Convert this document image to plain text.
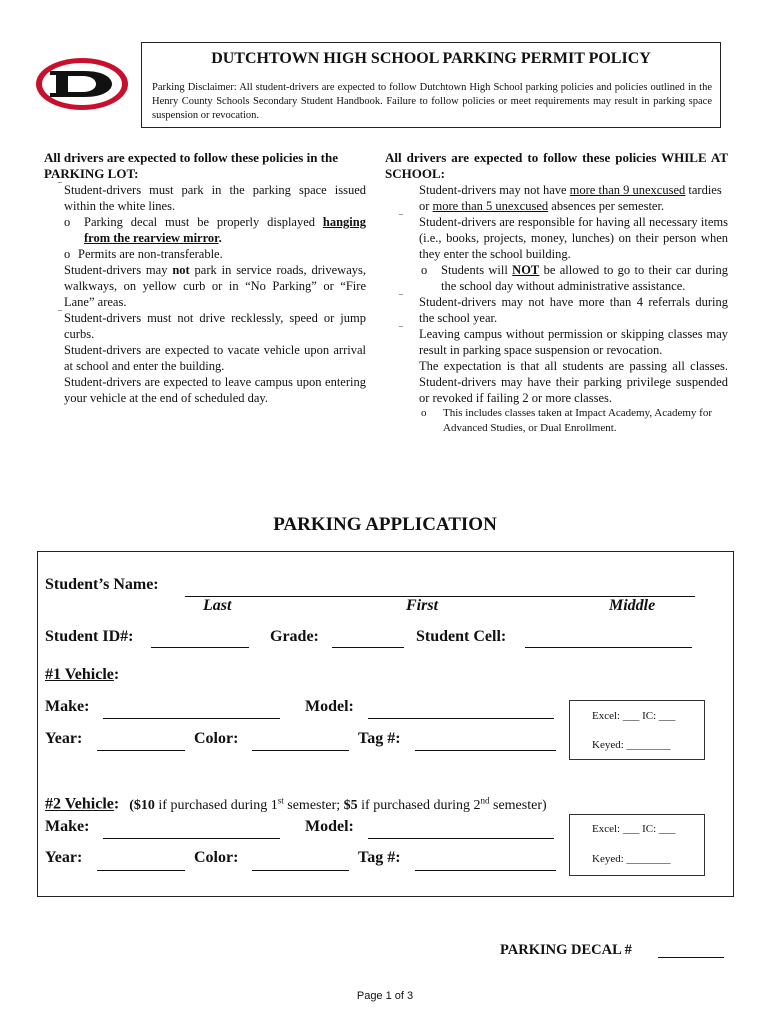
DUTCHTOWN HIGH SCHOOL PARKING PERMIT POLICY
Parking Disclaimer: All student-drivers are expected to follow Dutchtown High School parking policies and policies outlined in the Henry County Schools Secondary Student Handbook. Failure to follow policies or meet requirements may result in parking space suspension or revocation.
All drivers are expected to follow these policies in the PARKING LOT:
‾ Student-drivers must park in the parking space issued within the white lines.
o Parking decal must be properly displayed hanging from the rearview mirror.
o Permits are non-transferable.
Student-drivers may not park in service roads, driveways, walkways, on yellow curb or in “No Parking” or “Fire Lane” areas.
‾ Student-drivers must not drive recklessly, speed or jump curbs.
Student-drivers are expected to vacate vehicle upon arrival at school and enter the building.
Student-drivers are expected to leave campus upon entering your vehicle at the end of scheduled day.
All drivers are expected to follow these policies WHILE AT SCHOOL:
Student-drivers may not have more than 9 unexcused tardies or more than 5 unexcused absences per semester.
‾ Student-drivers are responsible for having all necessary items (i.e., books, projects, money, lunches) on their person when they enter the school building.
o Students will NOT be allowed to go to their car during the school day without administrative assistance.
‾ Student-drivers may not have more than 4 referrals during the school year.
‾ Leaving campus without permission or skipping classes may result in parking space suspension or revocation.
The expectation is that all students are passing all classes. Student-drivers may have their parking privilege suspended or revoked if failing 2 or more classes.
o This includes classes taken at Impact Academy, Academy for Advanced Studies, or Dual Enrollment.
PARKING APPLICATION
Student’s Name:
Last	First	Middle
Student ID#:	Grade:	Student Cell:
#1 Vehicle:
Make:	Model:
Year:	Color:	Tag #:
Excel: ___ IC: ___
Keyed: ________
#2 Vehicle: ($10 if purchased during 1st semester; $5 if purchased during 2nd semester)
Make:	Model:
Year:	Color:	Tag #:
Excel: ___ IC: ___
Keyed: ________
PARKING DECAL #
Page 1 of 3
